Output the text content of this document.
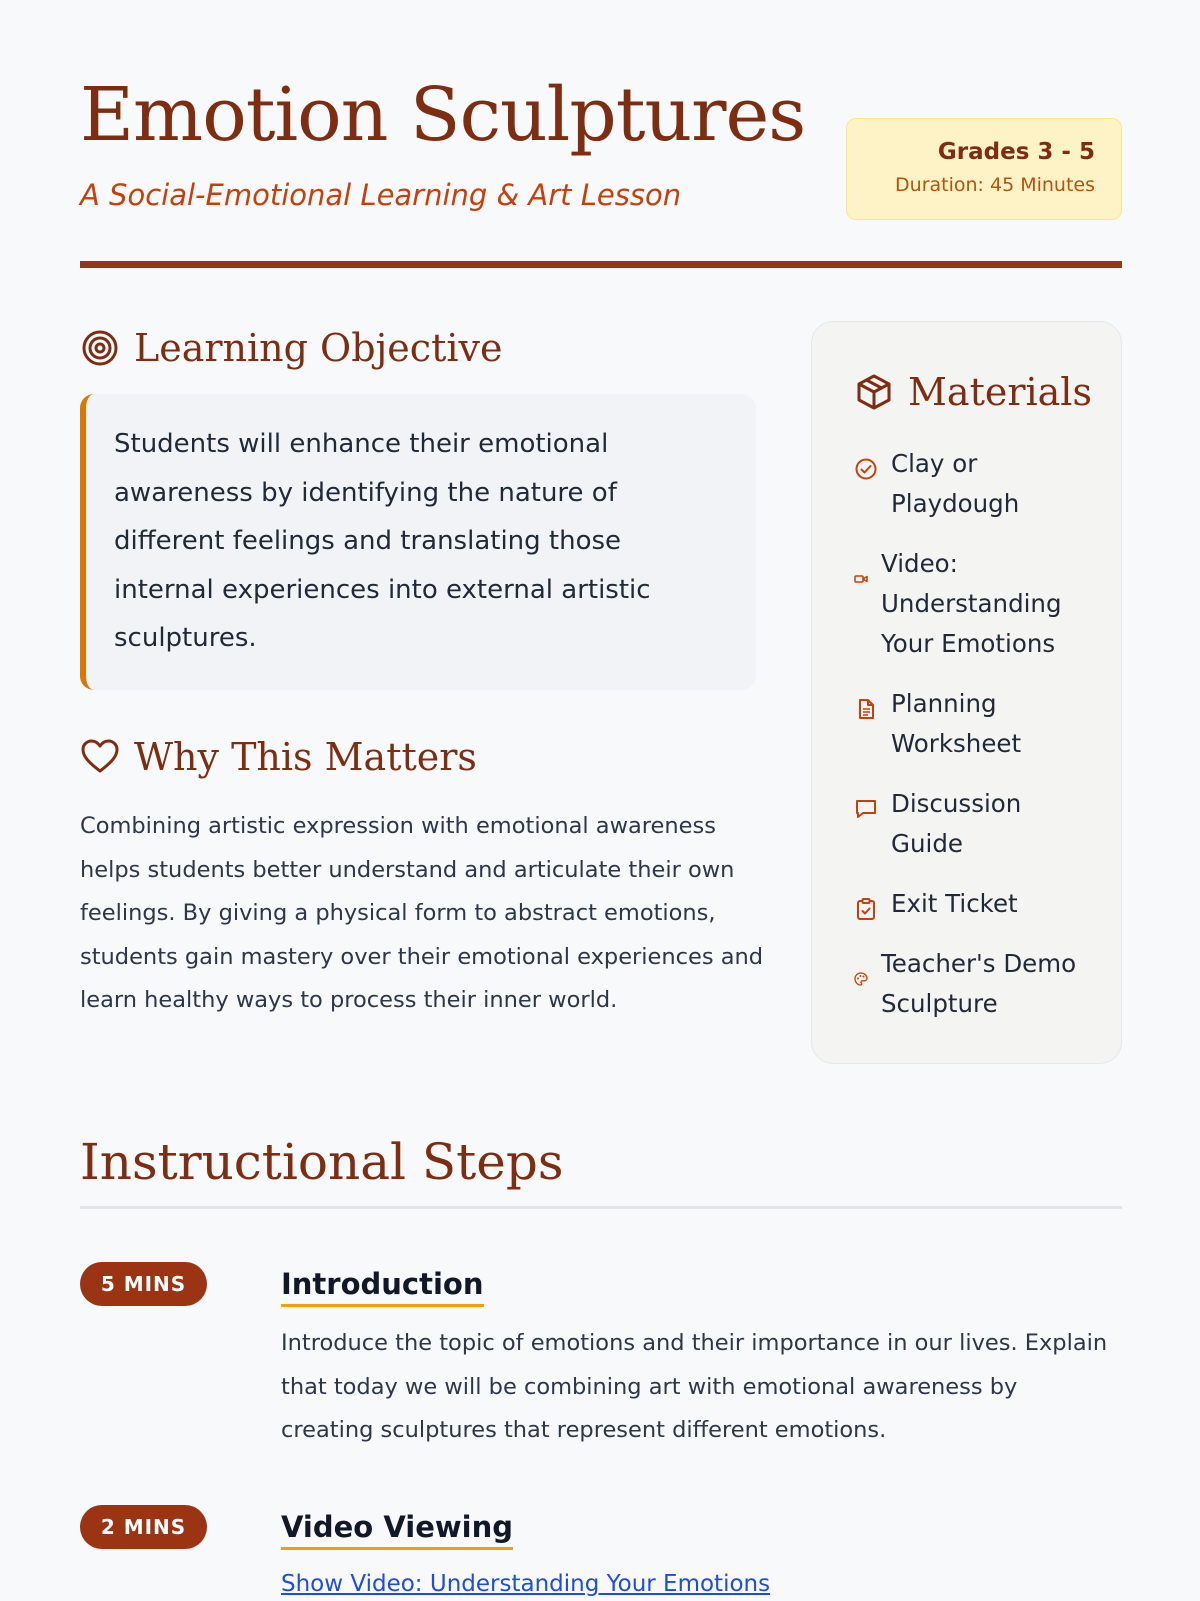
Emotion Sculptures

A Social-Emotional Learning & Art Lesson

Grades 3 - 5
Duration: 45 Minutes
Learning Objective
Students will enhance their emotional awareness by identifying the nature of different feelings and translating those internal experiences into external artistic sculptures.
Why This Matters

Combining artistic expression with emotional awareness helps students better understand and articulate their own feelings. By giving a physical form to abstract emotions, students gain mastery over their emotional experiences and learn healthy ways to process their inner world.

Materials
Clay or Playdough
Video: Understanding Your Emotions
Planning Worksheet
Discussion Guide
Exit Ticket
Teacher's Demo Sculpture
Instructional Steps
5 MINS	Introduction

Introduce the topic of emotions and their importance in our lives. Explain that today we will be combining art with emotional awareness by creating sculptures that represent different emotions.

2 MINS	Video Viewing
Show Video: Understanding Your Emotions
